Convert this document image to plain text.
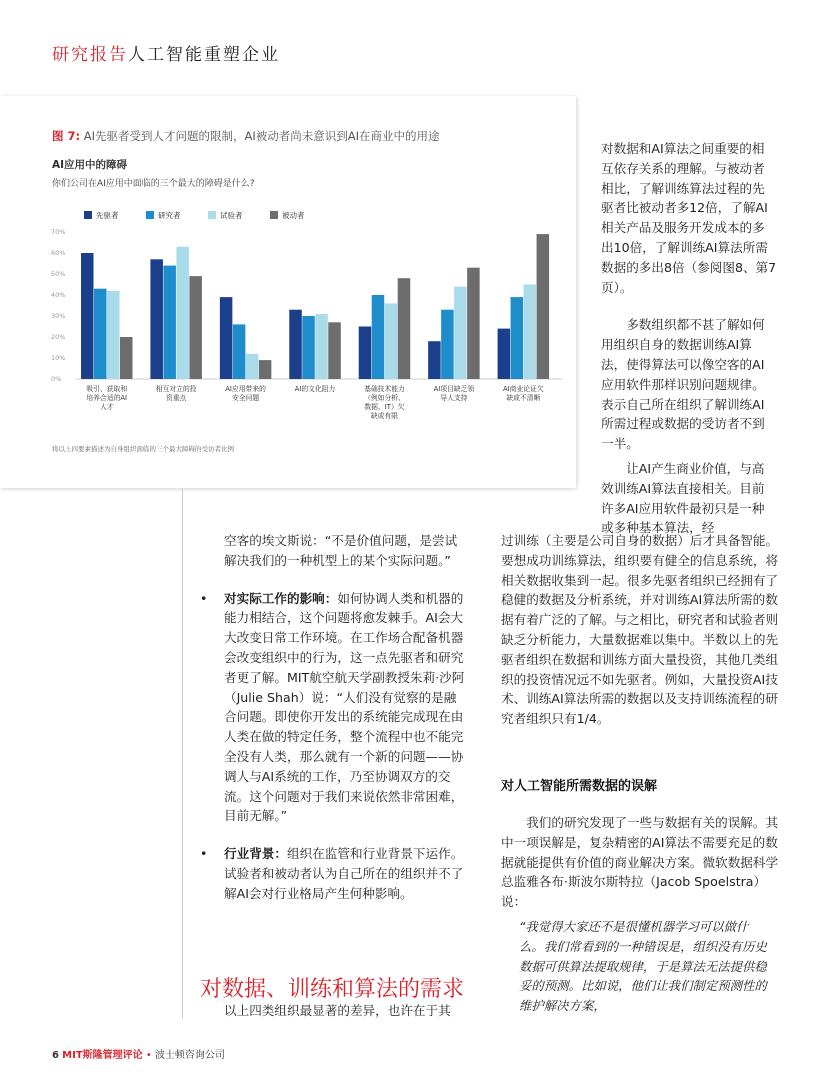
研究报告人工智能重塑企业
图 7: AI先驱者受到人才问题的限制，AI被动者尚未意识到AI在商业中的用途
AI应用中的障碍
你们公司在AI应用中面临的三个最大的障碍是什么?
先驱者	研究者	试验者	被动者
0%
10%
20%
30%
40%
50%
60%
70%
吸引、获取和
培养合适的AI
人才
相互对立的投
资重点
AI应用带来的
安全问题
AI的文化阻力	基础技术能力
（例如分析、
数据、IT）欠
缺或有限
AI项目缺乏领
导人支持
AI商业论证欠
缺或不清晰
将以上四要素描述为自身组织面临的三个最大障碍的受访者比例

对数据和AI算法之间重要的相互依存关系的理解。与被动者相比，了解训练算法过程的先驱者比被动者多12倍，了解AI相关产品及服务开发成本的多出10倍，了解训练AI算法所需数据的多出8倍（参阅图8、第7页）。

多数组织都不甚了解如何用组织自身的数据训练AI算法，使得算法可以像空客的AI应用软件那样识别问题规律。表示自己所在组织了解训练AI所需过程或数据的受访者不到一半。

让AI产生商业价值，与高效训练AI算法直接相关。目前许多AI应用软件最初只是一种或多种基本算法，经

空客的埃文斯说：“不是价值问题，是尝试解决我们的一种机型上的某个实际问题。”

• 对实际工作的影响：如何协调人类和机器的能力相结合，这个问题将愈发棘手。AI会大大改变日常工作环境。在工作场合配备机器会改变组织中的行为，这一点先驱者和研究者更了解。MIT航空航天学副教授朱莉·沙阿（Julie Shah）说：“人们没有觉察的是融合问题。即使你开发出的系统能完成现在由人类在做的特定任务，整个流程中也不能完全没有人类，那么就有一个新的问题——协调人与AI系统的工作，乃至协调双方的交流。这个问题对于我们来说依然非常困难，目前无解。”
• 行业背景：组织在监管和行业背景下运作。试验者和被动者认为自己所在的组织并不了解AI会对行业格局产生何种影响。
对数据、训练和算法的需求

以上四类组织最显著的差异，也许在于其

过训练（主要是公司自身的数据）后才具备智能。要想成功训练算法，组织要有健全的信息系统，将相关数据收集到一起。很多先驱者组织已经拥有了稳健的数据及分析系统，并对训练AI算法所需的数据有着广泛的了解。与之相比，研究者和试验者则缺乏分析能力，大量数据难以集中。半数以上的先驱者组织在数据和训练方面大量投资，其他几类组织的投资情况远不如先驱者。例如，大量投资AI技术、训练AI算法所需的数据以及支持训练流程的研究者组织只有1/4。

对人工智能所需数据的误解

我们的研究发现了一些与数据有关的误解。其中一项误解是，复杂精密的AI算法不需要充足的数据就能提供有价值的商业解决方案。微软数据科学总监雅各布·斯波尔斯特拉（Jacob Spoelstra）说：

“我觉得大家还不是很懂机器学习可以做什么。我们常看到的一种错误是，组织没有历史数据可供算法提取规律，于是算法无法提供稳妥的预测。比如说，他们让我们制定预测性的维护解决方案，
6 MIT斯隆管理评论 • 波士顿咨询公司
